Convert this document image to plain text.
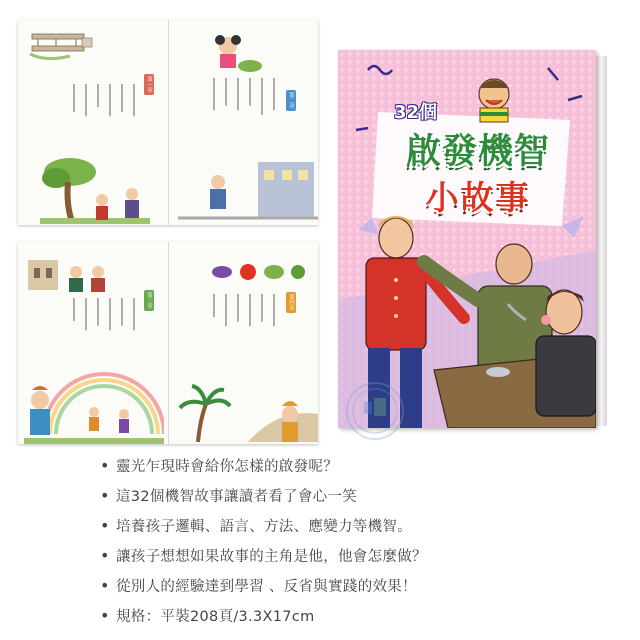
第一章
▁▁▁▁▁▁▁
▁▁▁▁▁▁
▁▁▁▁▁▁▁
▁▁▁▁▁
▁▁▁▁▁▁▁
▁▁▁▁▁▁	第二章
▁▁▁▁▁▁▁
▁▁▁▁▁▁▁▁
▁▁▁▁▁▁
▁▁▁▁▁▁▁
▁▁▁▁▁▁
▁▁▁▁▁▁▁
第三章
▁▁▁▁▁▁▁
▁▁▁▁▁▁
▁▁▁▁▁▁▁
▁▁▁▁▁▁
▁▁▁▁▁▁▁
▁▁▁▁▁	第四章
▁▁▁▁▁▁▁
▁▁▁▁▁▁
▁▁▁▁▁▁▁
▁▁▁▁▁▁
▁▁▁▁▁▁▁
▁▁▁▁▁
32個
啟發機智
小故事
• 靈光乍現時會給你怎樣的啟發呢？
• 這32個機智故事讓讀者看了會心一笑
• 培養孩子邏輯、語言、方法、應變力等機智。
• 讓孩子想想如果故事的主角是他，他會怎麼做？
• 從別人的經驗達到學習 、反省與實踐的效果！
• 規格：平裝208頁/3.3X17cm
